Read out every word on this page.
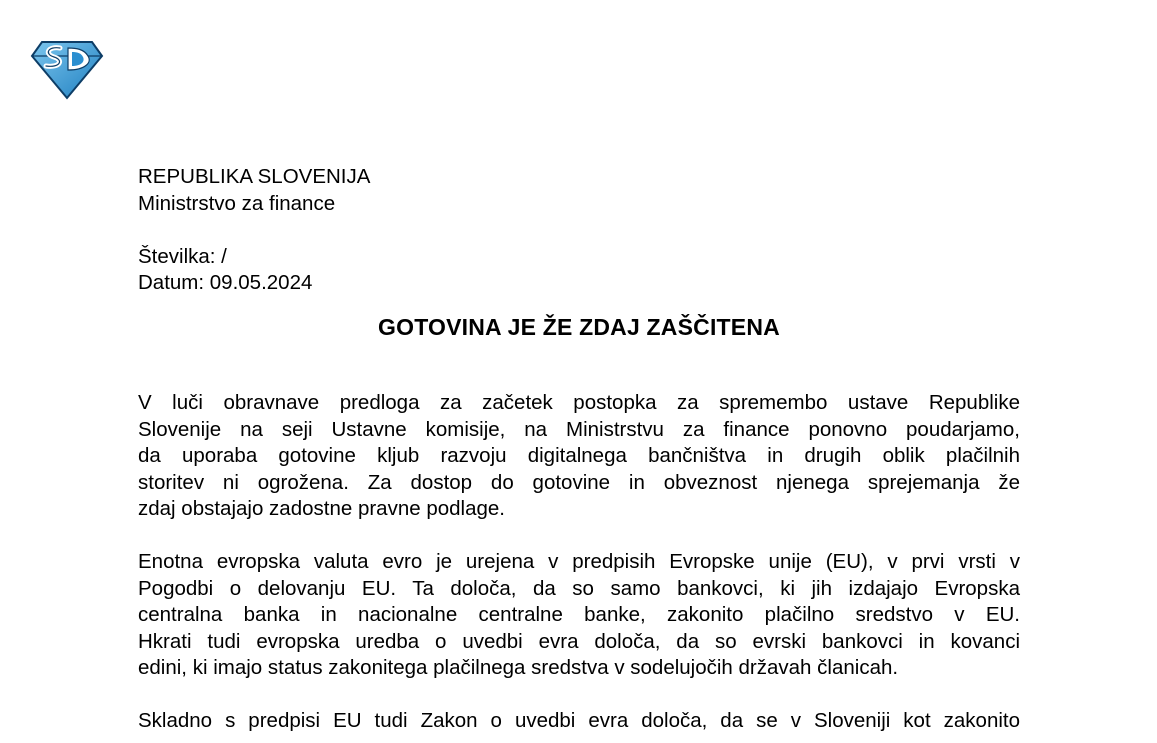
REPUBLIKA SLOVENIJA
Ministrstvo za finance
Številka: /
Datum: 09.05.2024
GOTOVINA JE ŽE ZDAJ ZAŠČITENA

V luči obravnave predloga za začetek postopka za spremembo ustave Republike

Slovenije na seji Ustavne komisije, na Ministrstvu za finance ponovno poudarjamo,

da uporaba gotovine kljub razvoju digitalnega bančništva in drugih oblik plačilnih

storitev ni ogrožena. Za dostop do gotovine in obveznost njenega sprejemanja že

zdaj obstajajo zadostne pravne podlage.

Enotna evropska valuta evro je urejena v predpisih Evropske unije (EU), v prvi vrsti v

Pogodbi o delovanju EU. Ta določa, da so samo bankovci, ki jih izdajajo Evropska

centralna banka in nacionalne centralne banke, zakonito plačilno sredstvo v EU.

Hkrati tudi evropska uredba o uvedbi evra določa, da so evrski bankovci in kovanci

edini, ki imajo status zakonitega plačilnega sredstva v sodelujočih državah članicah.

Skladno s predpisi EU tudi Zakon o uvedbi evra določa, da se v Sloveniji kot zakonito
